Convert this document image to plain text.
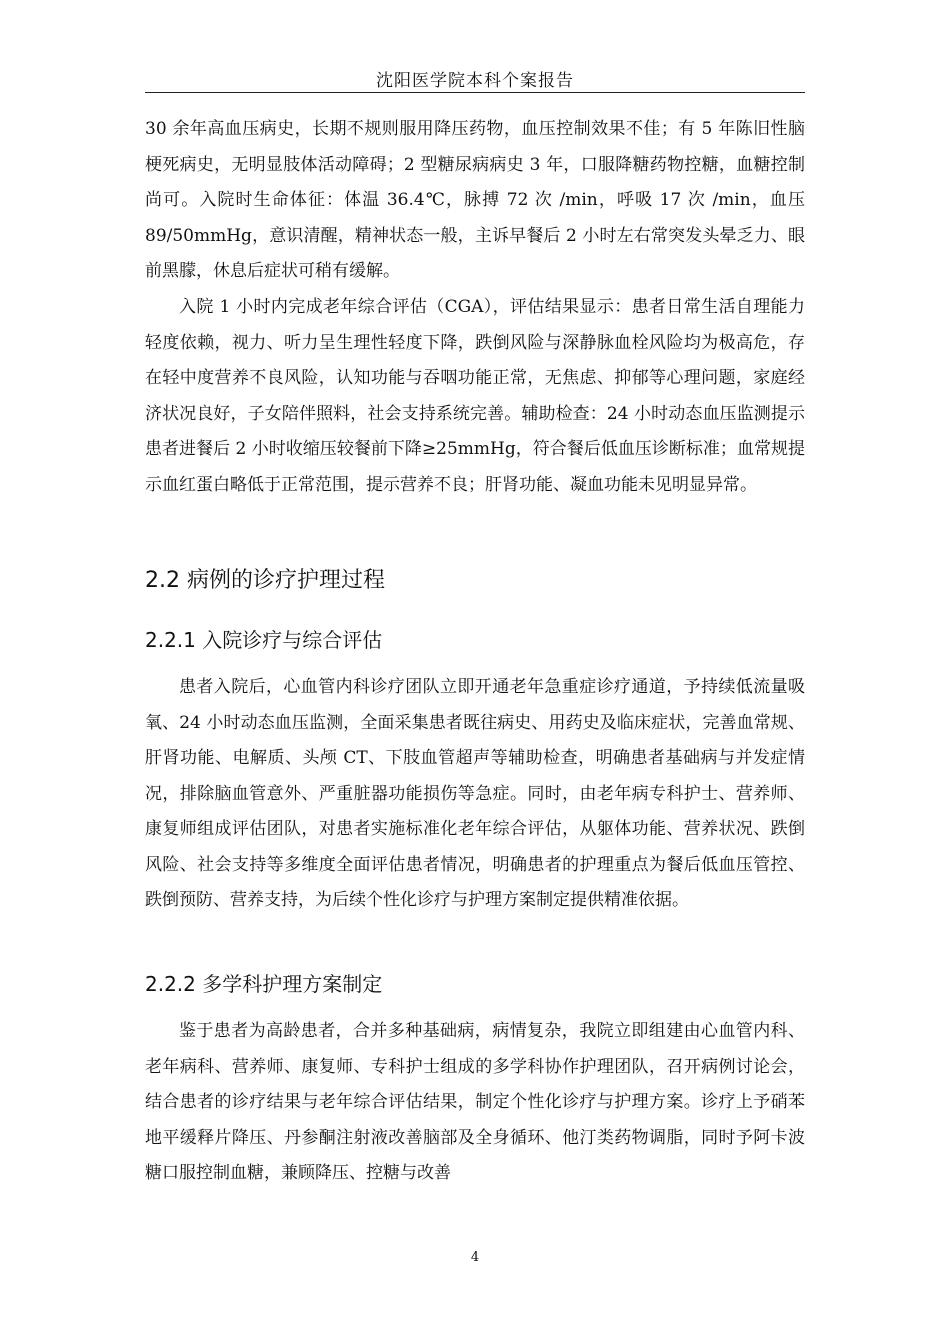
沈阳医学院本科个案报告

30 余年高血压病史，长期不规则服用降压药物，血压控制效果不佳；有 5 年陈旧性脑梗死病史，无明显肢体活动障碍；2 型糖尿病病史 3 年，口服降糖药物控糖，血糖控制尚可。入院时生命体征：体温 36.4℃，脉搏 72 次 /min，呼吸 17 次 /min，血压 89/50mmHg，意识清醒，精神状态一般，主诉早餐后 2 小时左右常突发头晕乏力、眼前黑朦，休息后症状可稍有缓解。

入院 1 小时内完成老年综合评估（CGA），评估结果显示：患者日常生活自理能力轻度依赖，视力、听力呈生理性轻度下降，跌倒风险与深静脉血栓风险均为极高危，存在轻中度营养不良风险，认知功能与吞咽功能正常，无焦虑、抑郁等心理问题，家庭经济状况良好，子女陪伴照料，社会支持系统完善。辅助检查：24 小时动态血压监测提示患者进餐后 2 小时收缩压较餐前下降≥25mmHg，符合餐后低血压诊断标准；血常规提示血红蛋白略低于正常范围，提示营养不良；肝肾功能、凝血功能未见明显异常。

2.2 病例的诊疗护理过程
2.2.1 入院诊疗与综合评估

患者入院后，心血管内科诊疗团队立即开通老年急重症诊疗通道，予持续低流量吸氧、24 小时动态血压监测，全面采集患者既往病史、用药史及临床症状，完善血常规、肝肾功能、电解质、头颅 CT、下肢血管超声等辅助检查，明确患者基础病与并发症情况，排除脑血管意外、严重脏器功能损伤等急症。同时，由老年病专科护士、营养师、康复师组成评估团队，对患者实施标准化老年综合评估，从躯体功能、营养状况、跌倒风险、社会支持等多维度全面评估患者情况，明确患者的护理重点为餐后低血压管控、跌倒预防、营养支持，为后续个性化诊疗与护理方案制定提供精准依据。

2.2.2 多学科护理方案制定

鉴于患者为高龄患者，合并多种基础病，病情复杂，我院立即组建由心血管内科、老年病科、营养师、康复师、专科护士组成的多学科协作护理团队，召开病例讨论会，结合患者的诊疗结果与老年综合评估结果，制定个性化诊疗与护理方案。诊疗上予硝苯地平缓释片降压、丹参酮注射液改善脑部及全身循环、他汀类药物调脂，同时予阿卡波糖口服控制血糖，兼顾降压、控糖与改善

4
